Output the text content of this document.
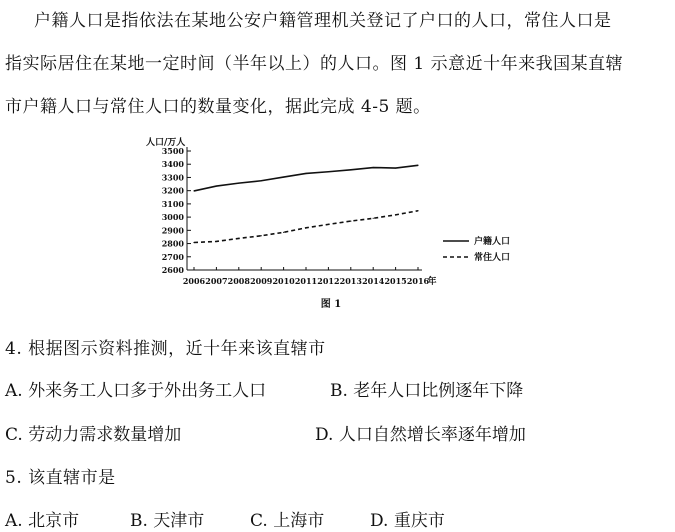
户籍人口是指依法在某地公安户籍管理机关登记了户口的人口，常住人口是
指实际居住在某地一定时间（半年以上）的人口。图 1 示意近十年来我国某直辖
市户籍人口与常住人口的数量变化，据此完成 4-5 题。
人口/万人
2600
2700
2800
2900
3000
3100
3200
3300
3400
3500
2006 2007 2008 2009 2010 2011 2012 2013 2014 2015 2016
年
户籍人口
常住人口
图 1
4. 根据图示资料推测，近十年来该直辖市
A. 外来务工人口多于外出务工人口	B. 老年人口比例逐年下降
C. 劳动力需求数量增加	D. 人口自然增长率逐年增加
5. 该直辖市是
A. 北京市	B. 天津市	C. 上海市	D. 重庆市
